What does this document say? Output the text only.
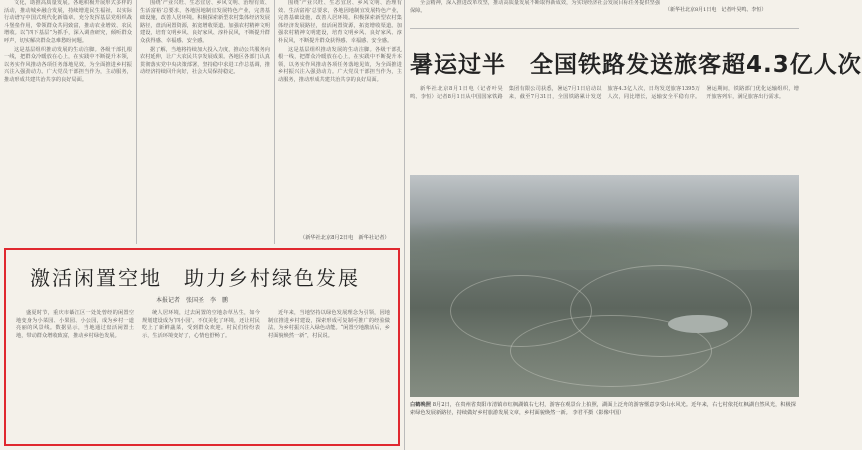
文化，助推高质量发展。各地积极开展形式多样的活动，推动城乡融合发展，持续增进民生福祉，以实际行动谱写中国式现代化新篇章。充分发挥基层党组织战斗堡垒作用，带领群众共同致富，推动农业增效、农民增收。以“四下基层”为抓手，深入调查研究，倾听群众呼声，切实解决群众急难愁盼问题。

这是基层组织推动发展的生动注脚。各级干部扎根一线，把群众冷暖放在心上，在实践中不断提升本领，以务实作风推动各项任务落地见效，为全面推进乡村振兴注入强劲动力。广大党员干部担当作为，主动服务，推动形成共建共治共享的良好局面。

围绕‘产业兴旺、生态宜居、乡风文明、治理有效、生活富裕’总要求，各地因地制宜发展特色产业，完善基础设施，改善人居环境。积极探索新型农村集体经济发展路径，盘活闲置资源，拓宽增收渠道。加强农村精神文明建设，培育文明乡风、良好家风、淳朴民风，不断提升群众获得感、幸福感、安全感。

据了解，当地将持续加大投入力度，推动公共服务向农村延伸，让广大农民共享发展成果。各地区各部门认真贯彻落实党中央决策部署，坚持稳中求进工作总基调，推动经济持续回升向好，社会大局保持稳定。

围绕‘产业兴旺、生态宜居、乡风文明、治理有效、生活富裕’总要求，各地因地制宜发展特色产业，完善基础设施，改善人居环境。积极探索新型农村集体经济发展路径，盘活闲置资源，拓宽增收渠道。加强农村精神文明建设，培育文明乡风、良好家风、淳朴民风，不断提升群众获得感、幸福感、安全感。

这是基层组织推动发展的生动注脚。各级干部扎根一线，把群众冷暖放在心上，在实践中不断提升本领，以务实作风推动各项任务落地见效，为全面推进乡村振兴注入强劲动力。广大党员干部担当作为，主动服务，推动形成共建共治共享的良好局面。

（新华社北京8月2日电　新华社记者）

全会精神，深入推进改革攻坚，推动高质量发展不断取得新成效，为实现经济社会发展目标任务提供坚强保障。	（新华社北京8月1日电　记者叶昊鸣、李恒）
暑运过半　全国铁路发送旅客超4.3亿人次

新华社北京8月1日电（记者叶昊鸣、李恒）记者8月1日从中国国家铁路集团有限公司获悉，暑运7月1日启动以来，截至7月31日，全国铁路累计发送旅客4.3亿人次，日均发送旅客1395万人次，同比增长，运输安全平稳有序。暑运期间，铁路部门优化运输组织，增开旅客列车，满足旅客出行需求。

白鹤晚照 8月2日，在贵州省贵阳市清镇市红枫湖镇右七村，游客在观景台上拍照，湖面上泛舟的游客惬意享受山水风光。近年来，右七村依托红枫湖自然风光，积极探索绿色发展新路径，持续做好乡村旅游发展文章，乡村面貌焕然一新。 李君平摄（影像中国）
激活闲置空地　助力乡村绿色发展
本报记者　张国圣　李　鹏

盛夏时节，重庆市綦江区一处处曾经的闲置空地变身为小菜园、小果园、小公园，成为乡村一道亮丽的风景线。数据显示，当地通过盘活闲置土地，带动群众增收致富，推动乡村绿色发展。

统人居环境，过去闲置的空地杂草丛生，如今规划建设成为‘四小园’，不仅美化了环境，还让村民吃上了新鲜蔬菜，受到群众欢迎。村民们纷纷表示，生活环境变好了，心情也舒畅了。

近年来，当地坚持以绿色发展理念为引领，因地制宜推进乡村建设，探索形成可复制可推广的经验做法，为乡村振兴注入绿色动能。“闲置空地激活后，乡村面貌焕然一新”，村民说。
